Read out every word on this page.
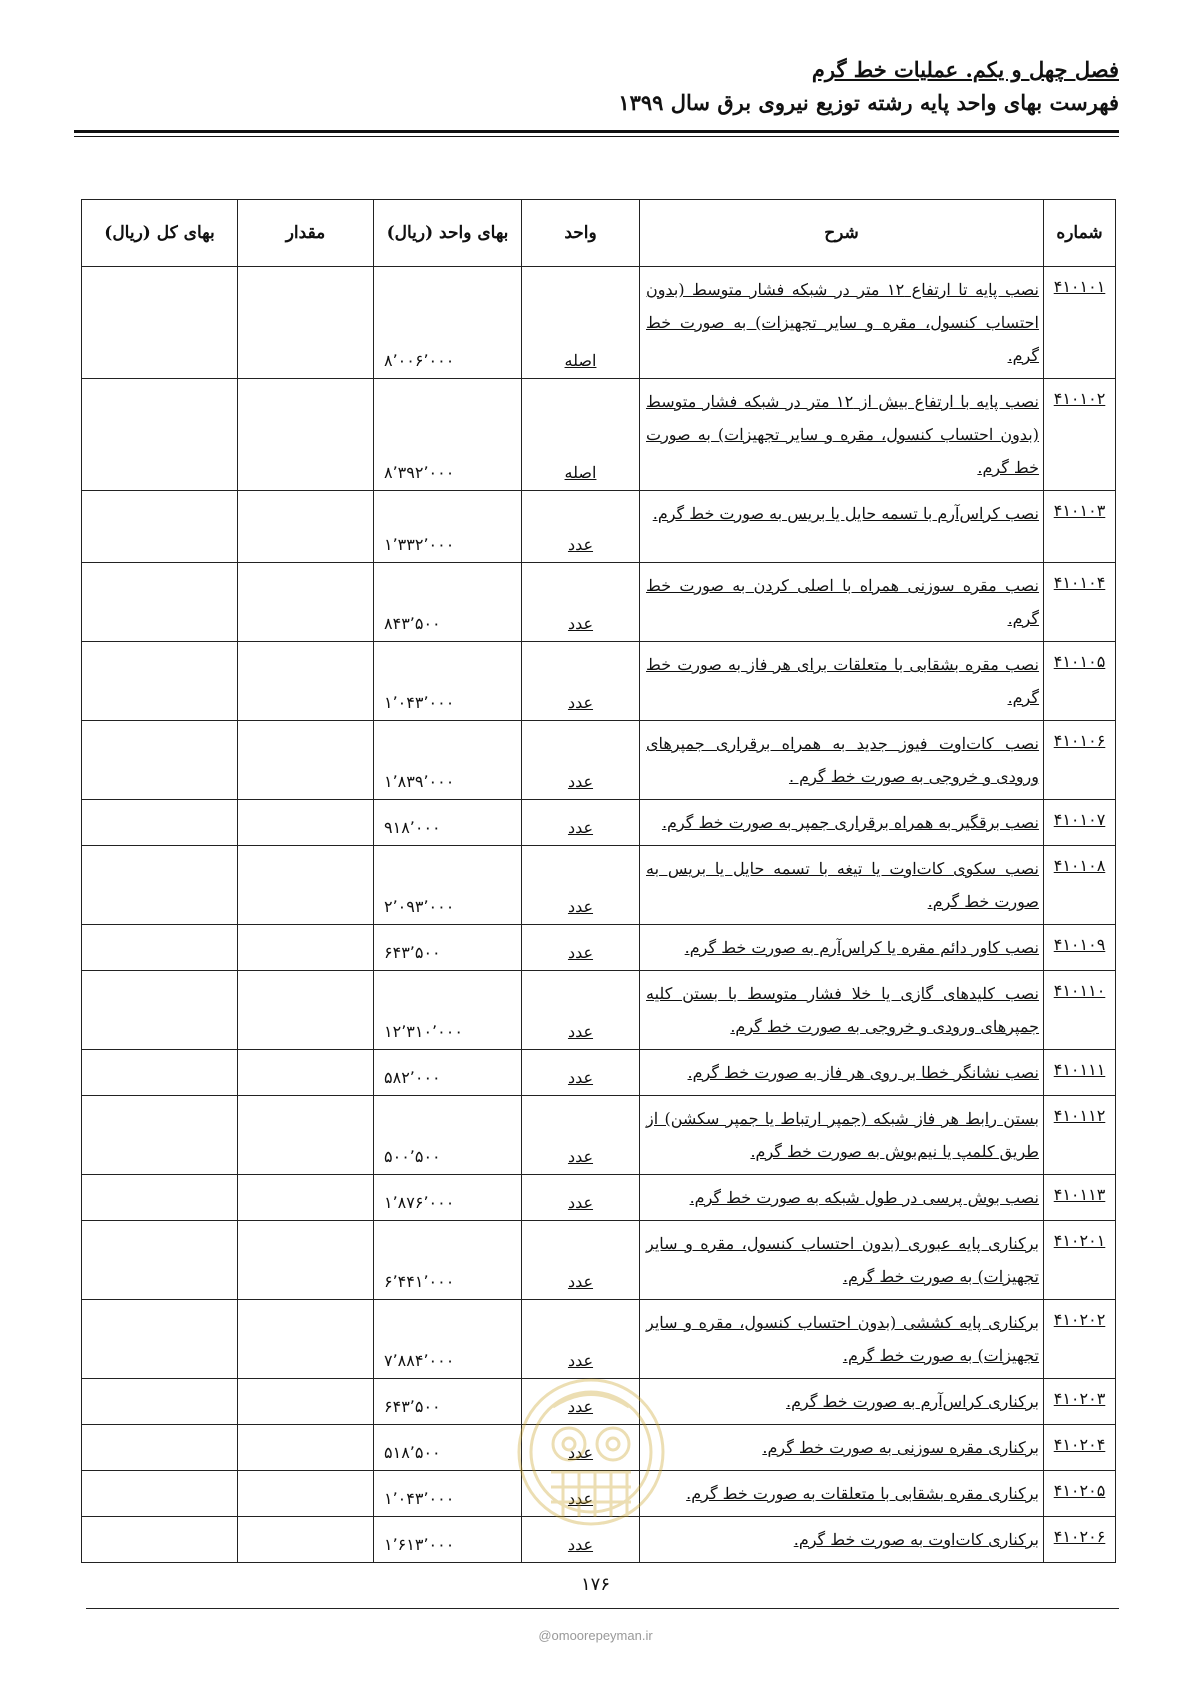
فصل چهل و یکم. عملیات خط گرم
فهرست بهای واحد پایه رشته توزیع نیروی برق سال ۱۳۹۹
شماره	شرح	واحد	بهای واحد (ریال)	مقدار	بهای کل (ریال)
۴۱۰۱۰۱	نصب پایه تا ارتفاع ۱۲ متر در شبکه فشار متوسط (بدون احتساب کنسول، مقره و سایر تجهیزات) به صورت خط گرم.	اصله	۸٬۰۰۶٬۰۰۰		
۴۱۰۱۰۲	نصب پایه با ارتفاع بیش از ۱۲ متر در شبکه فشار متوسط (بدون احتساب کنسول، مقره و سایر تجهیزات) به صورت خط گرم.	اصله	۸٬۳۹۲٬۰۰۰		
۴۱۰۱۰۳	نصب کراس‌آرم با تسمه حایل یا بریس به صورت خط گرم.	عدد	۱٬۳۳۲٬۰۰۰		
۴۱۰۱۰۴	نصب مقره سوزنی همراه با اصلی کردن به صورت خط گرم.	عدد	۸۴۳٬۵۰۰		
۴۱۰۱۰۵	نصب مقره بشقابی با متعلقات برای هر فاز به صورت خط گرم.	عدد	۱٬۰۴۳٬۰۰۰		
۴۱۰۱۰۶	نصب کات‌اوت فیوز جدید به همراه برقراری جمپرهای ورودی و خروجی به صورت خط گرم .	عدد	۱٬۸۳۹٬۰۰۰		
۴۱۰۱۰۷	نصب برقگیر به همراه برقراری جمپر به صورت خط گرم.	عدد	۹۱۸٬۰۰۰		
۴۱۰۱۰۸	نصب سکوی کات‌اوت یا تیغه با تسمه حایل یا بریس به صورت خط گرم.	عدد	۲٬۰۹۳٬۰۰۰		
۴۱۰۱۰۹	نصب کاور دائم مقره یا کراس‌آرم به صورت خط گرم.	عدد	۶۴۳٬۵۰۰		
۴۱۰۱۱۰	نصب کلیدهای گازی یا خلا فشار متوسط با بستن کلیه جمپرهای ورودی و خروجی به صورت خط گرم.	عدد	۱۲٬۳۱۰٬۰۰۰		
۴۱۰۱۱۱	نصب نشانگر خطا بر روی هر فاز به صورت خط گرم.	عدد	۵۸۲٬۰۰۰		
۴۱۰۱۱۲	بستن رابط هر فاز شبکه (جمپر ارتباط یا جمپر سکشن) از طریق کلمپ یا نیم‌بوش به صورت خط گرم.	عدد	۵۰۰٬۵۰۰		
۴۱۰۱۱۳	نصب بوش پرسی در طول شبکه به صورت خط گرم.	عدد	۱٬۸۷۶٬۰۰۰		
۴۱۰۲۰۱	برکناری پایه عبوری (بدون احتساب کنسول، مقره و سایر تجهیزات) به صورت خط گرم.	عدد	۶٬۴۴۱٬۰۰۰		
۴۱۰۲۰۲	برکناری پایه کششی (بدون احتساب کنسول، مقره و سایر تجهیزات) به صورت خط گرم.	عدد	۷٬۸۸۴٬۰۰۰		
۴۱۰۲۰۳	برکناری کراس‌آرم به صورت خط گرم.	عدد	۶۴۳٬۵۰۰		
۴۱۰۲۰۴	برکناری مقره سوزنی به صورت خط گرم.	عدد	۵۱۸٬۵۰۰		
۴۱۰۲۰۵	برکناری مقره بشقابی با متعلقات به صورت خط گرم.	عدد	۱٬۰۴۳٬۰۰۰		
۴۱۰۲۰۶	برکناری کات‌اوت به صورت خط گرم.	عدد	۱٬۶۱۳٬۰۰۰		
۱۷۶
@omoorepeyman.ir
